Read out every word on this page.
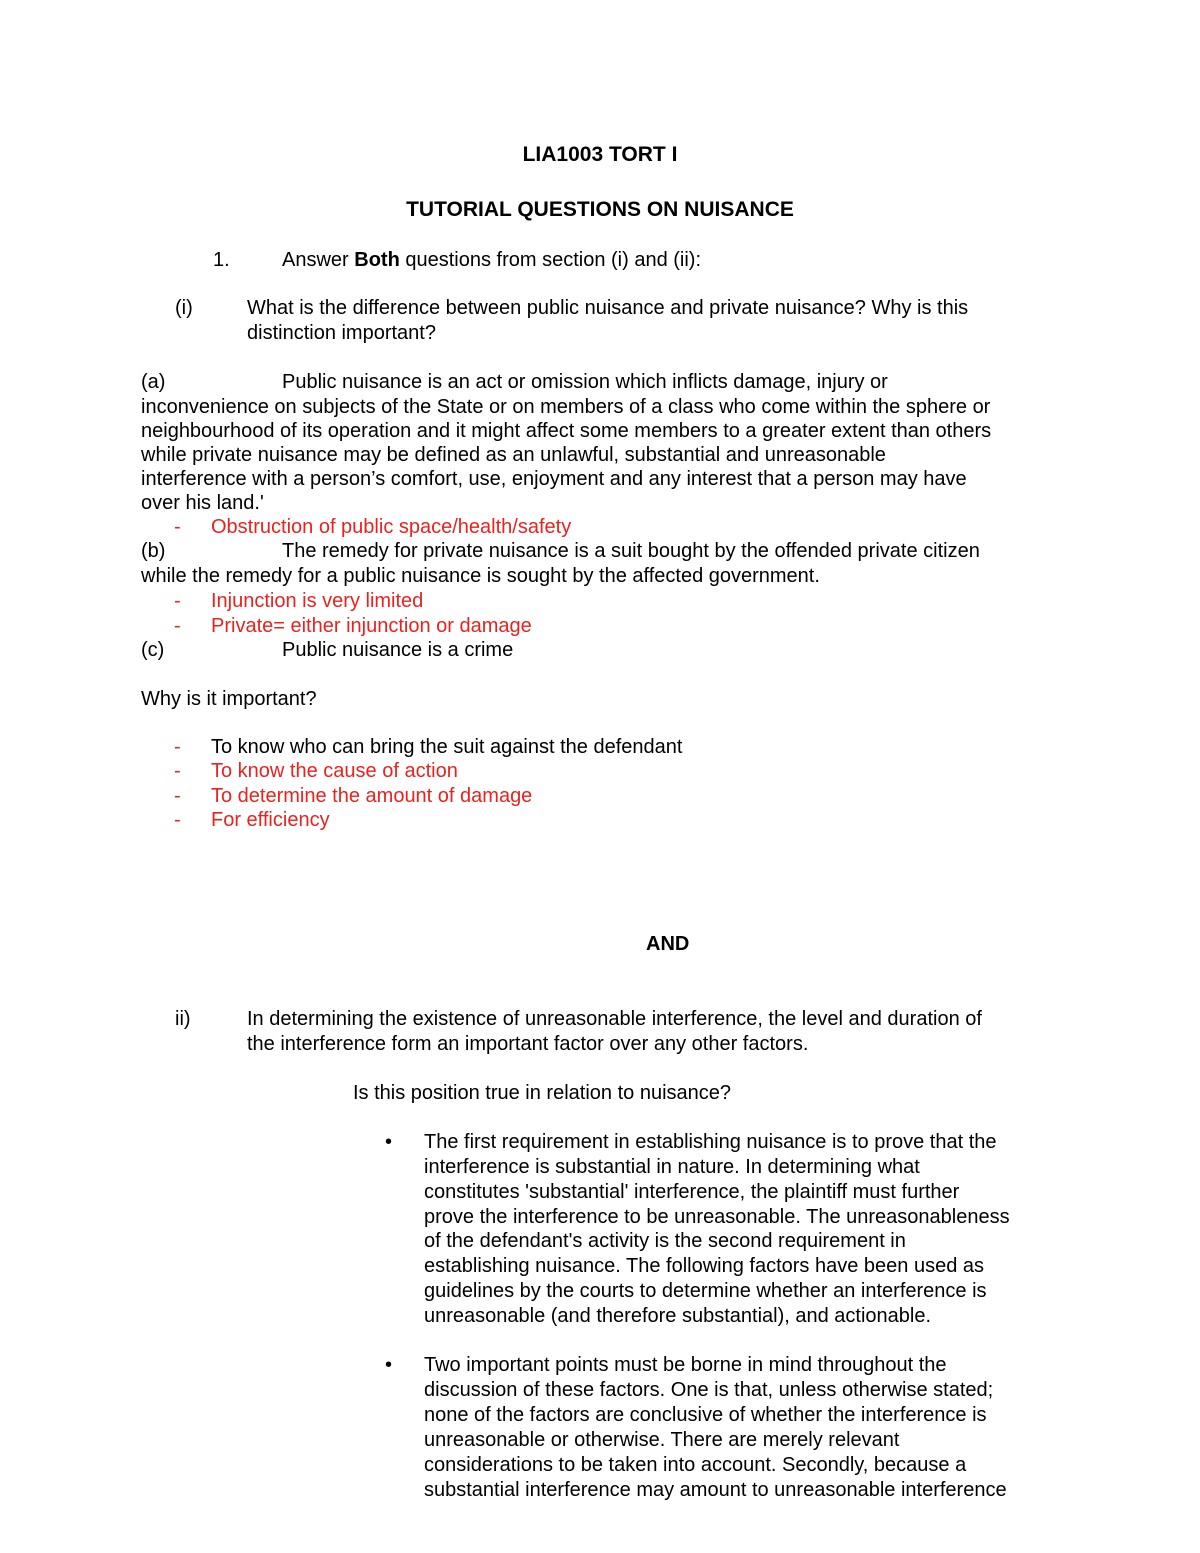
LIA1003 TORT I
TUTORIAL QUESTIONS ON NUISANCE
1.	Answer Both questions from section (i) and (ii):
(i)	What is the difference between public nuisance and private nuisance? Why is this
distinction important?
(a)	Public nuisance is an act or omission which inflicts damage, injury or
inconvenience on subjects of the State or on members of a class who come within the sphere or
neighbourhood of its operation and it might affect some members to a greater extent than others
while private nuisance may be defined as an unlawful, substantial and unreasonable
interference with a person’s comfort, use, enjoyment and any interest that a person may have
over his land.'
- Obstruction of public space/health/safety
(b)	The remedy for private nuisance is a suit bought by the offended private citizen
while the remedy for a public nuisance is sought by the affected government.
- Injunction is very limited
- Private= either injunction or damage
(c)	Public nuisance is a crime
Why is it important?
- To know who can bring the suit against the defendant
- To know the cause of action
- To determine the amount of damage
- For efficiency
AND
ii)	In determining the existence of unreasonable interference, the level and duration of
the interference form an important factor over any other factors.
Is this position true in relation to nuisance?
• The first requirement in establishing nuisance is to prove that the
interference is substantial in nature. In determining what
constitutes 'substantial' interference, the plaintiff must further
prove the interference to be unreasonable. The unreasonableness
of the defendant's activity is the second requirement in
establishing nuisance. The following factors have been used as
guidelines by the courts to determine whether an interference is
unreasonable (and therefore substantial), and actionable.
• Two important points must be borne in mind throughout the
discussion of these factors. One is that, unless otherwise stated;
none of the factors are conclusive of whether the interference is
unreasonable or otherwise. There are merely relevant
considerations to be taken into account. Secondly, because a
substantial interference may amount to unreasonable interference
